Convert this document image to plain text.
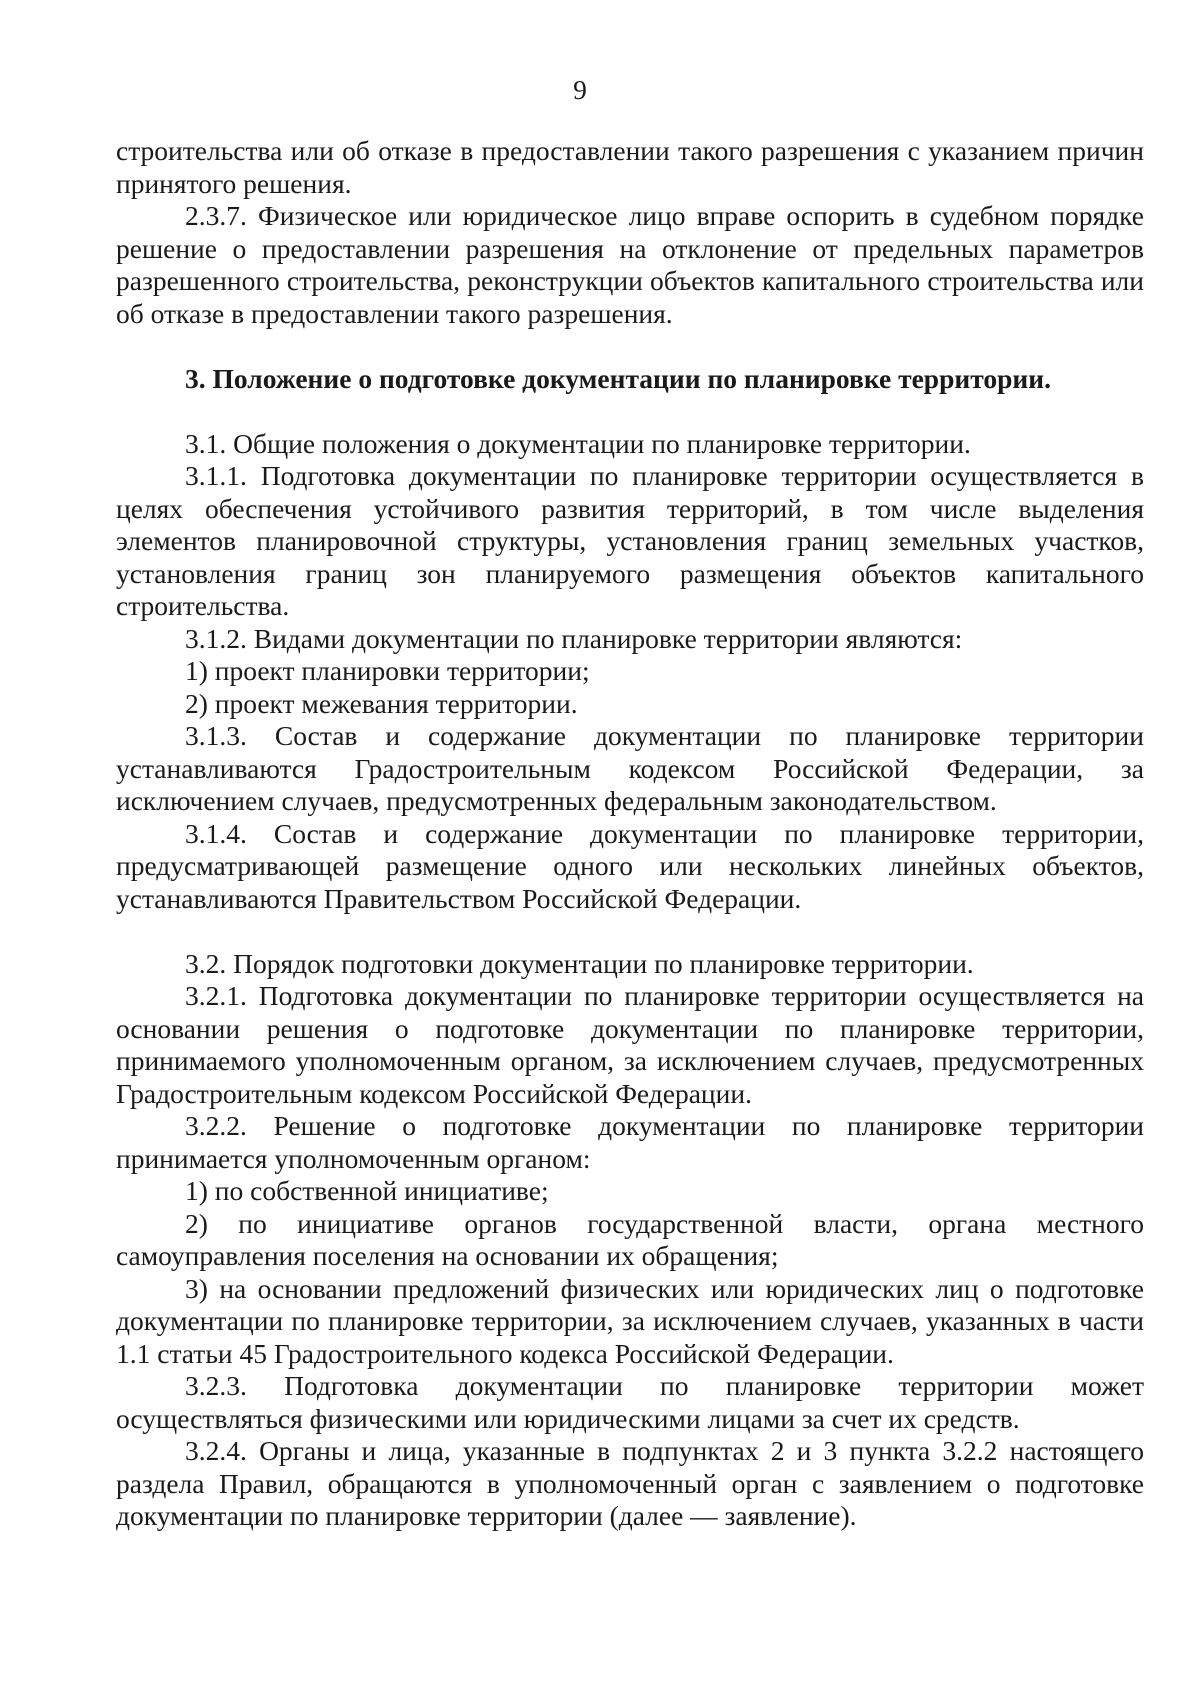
9

строительства или об отказе в предоставлении такого разрешения с указанием причин принятого решения.

2.3.7. Физическое или юридическое лицо вправе оспорить в судебном порядке решение о предоставлении разрешения на отклонение от предельных параметров разрешенного строительства, реконструкции объектов капитального строительства или об отказе в предоставлении такого разрешения.

3. Положение о подготовке документации по планировке территории.

3.1. Общие положения о документации по планировке территории.

3.1.1. Подготовка документации по планировке территории осуществляется в целях обеспечения устойчивого развития территорий, в том числе выделения элементов планировочной структуры, установления границ земельных участков, установления границ зон планируемого размещения объектов капитального строительства.

3.1.2. Видами документации по планировке территории являются:

1) проект планировки территории;

2) проект межевания территории.

3.1.3. Состав и содержание документации по планировке территории устанавливаются Градостроительным кодексом Российской Федерации, за исключением случаев, предусмотренных федеральным законодательством.

3.1.4. Состав и содержание документации по планировке территории, предусматривающей размещение одного или нескольких линейных объектов, устанавливаются Правительством Российской Федерации.

3.2. Порядок подготовки документации по планировке территории.

3.2.1. Подготовка документации по планировке территории осуществляется на основании решения о подготовке документации по планировке территории, принимаемого уполномоченным органом, за исключением случаев, предусмотренных Градостроительным кодексом Российской Федерации.

3.2.2. Решение о подготовке документации по планировке территории принимается уполномоченным органом:

1) по собственной инициативе;

2) по инициативе органов государственной власти, органа местного самоуправления поселения на основании их обращения;

3) на основании предложений физических или юридических лиц о подготовке документации по планировке территории, за исключением случаев, указанных в части 1.1 статьи 45 Градостроительного кодекса Российской Федерации.

3.2.3. Подготовка документации по планировке территории может осуществляться физическими или юридическими лицами за счет их средств.

3.2.4. Органы и лица, указанные в подпунктах 2 и 3 пункта 3.2.2 настоящего раздела Правил, обращаются в уполномоченный орган с заявлением о подготовке документации по планировке территории (далее — заявление).
